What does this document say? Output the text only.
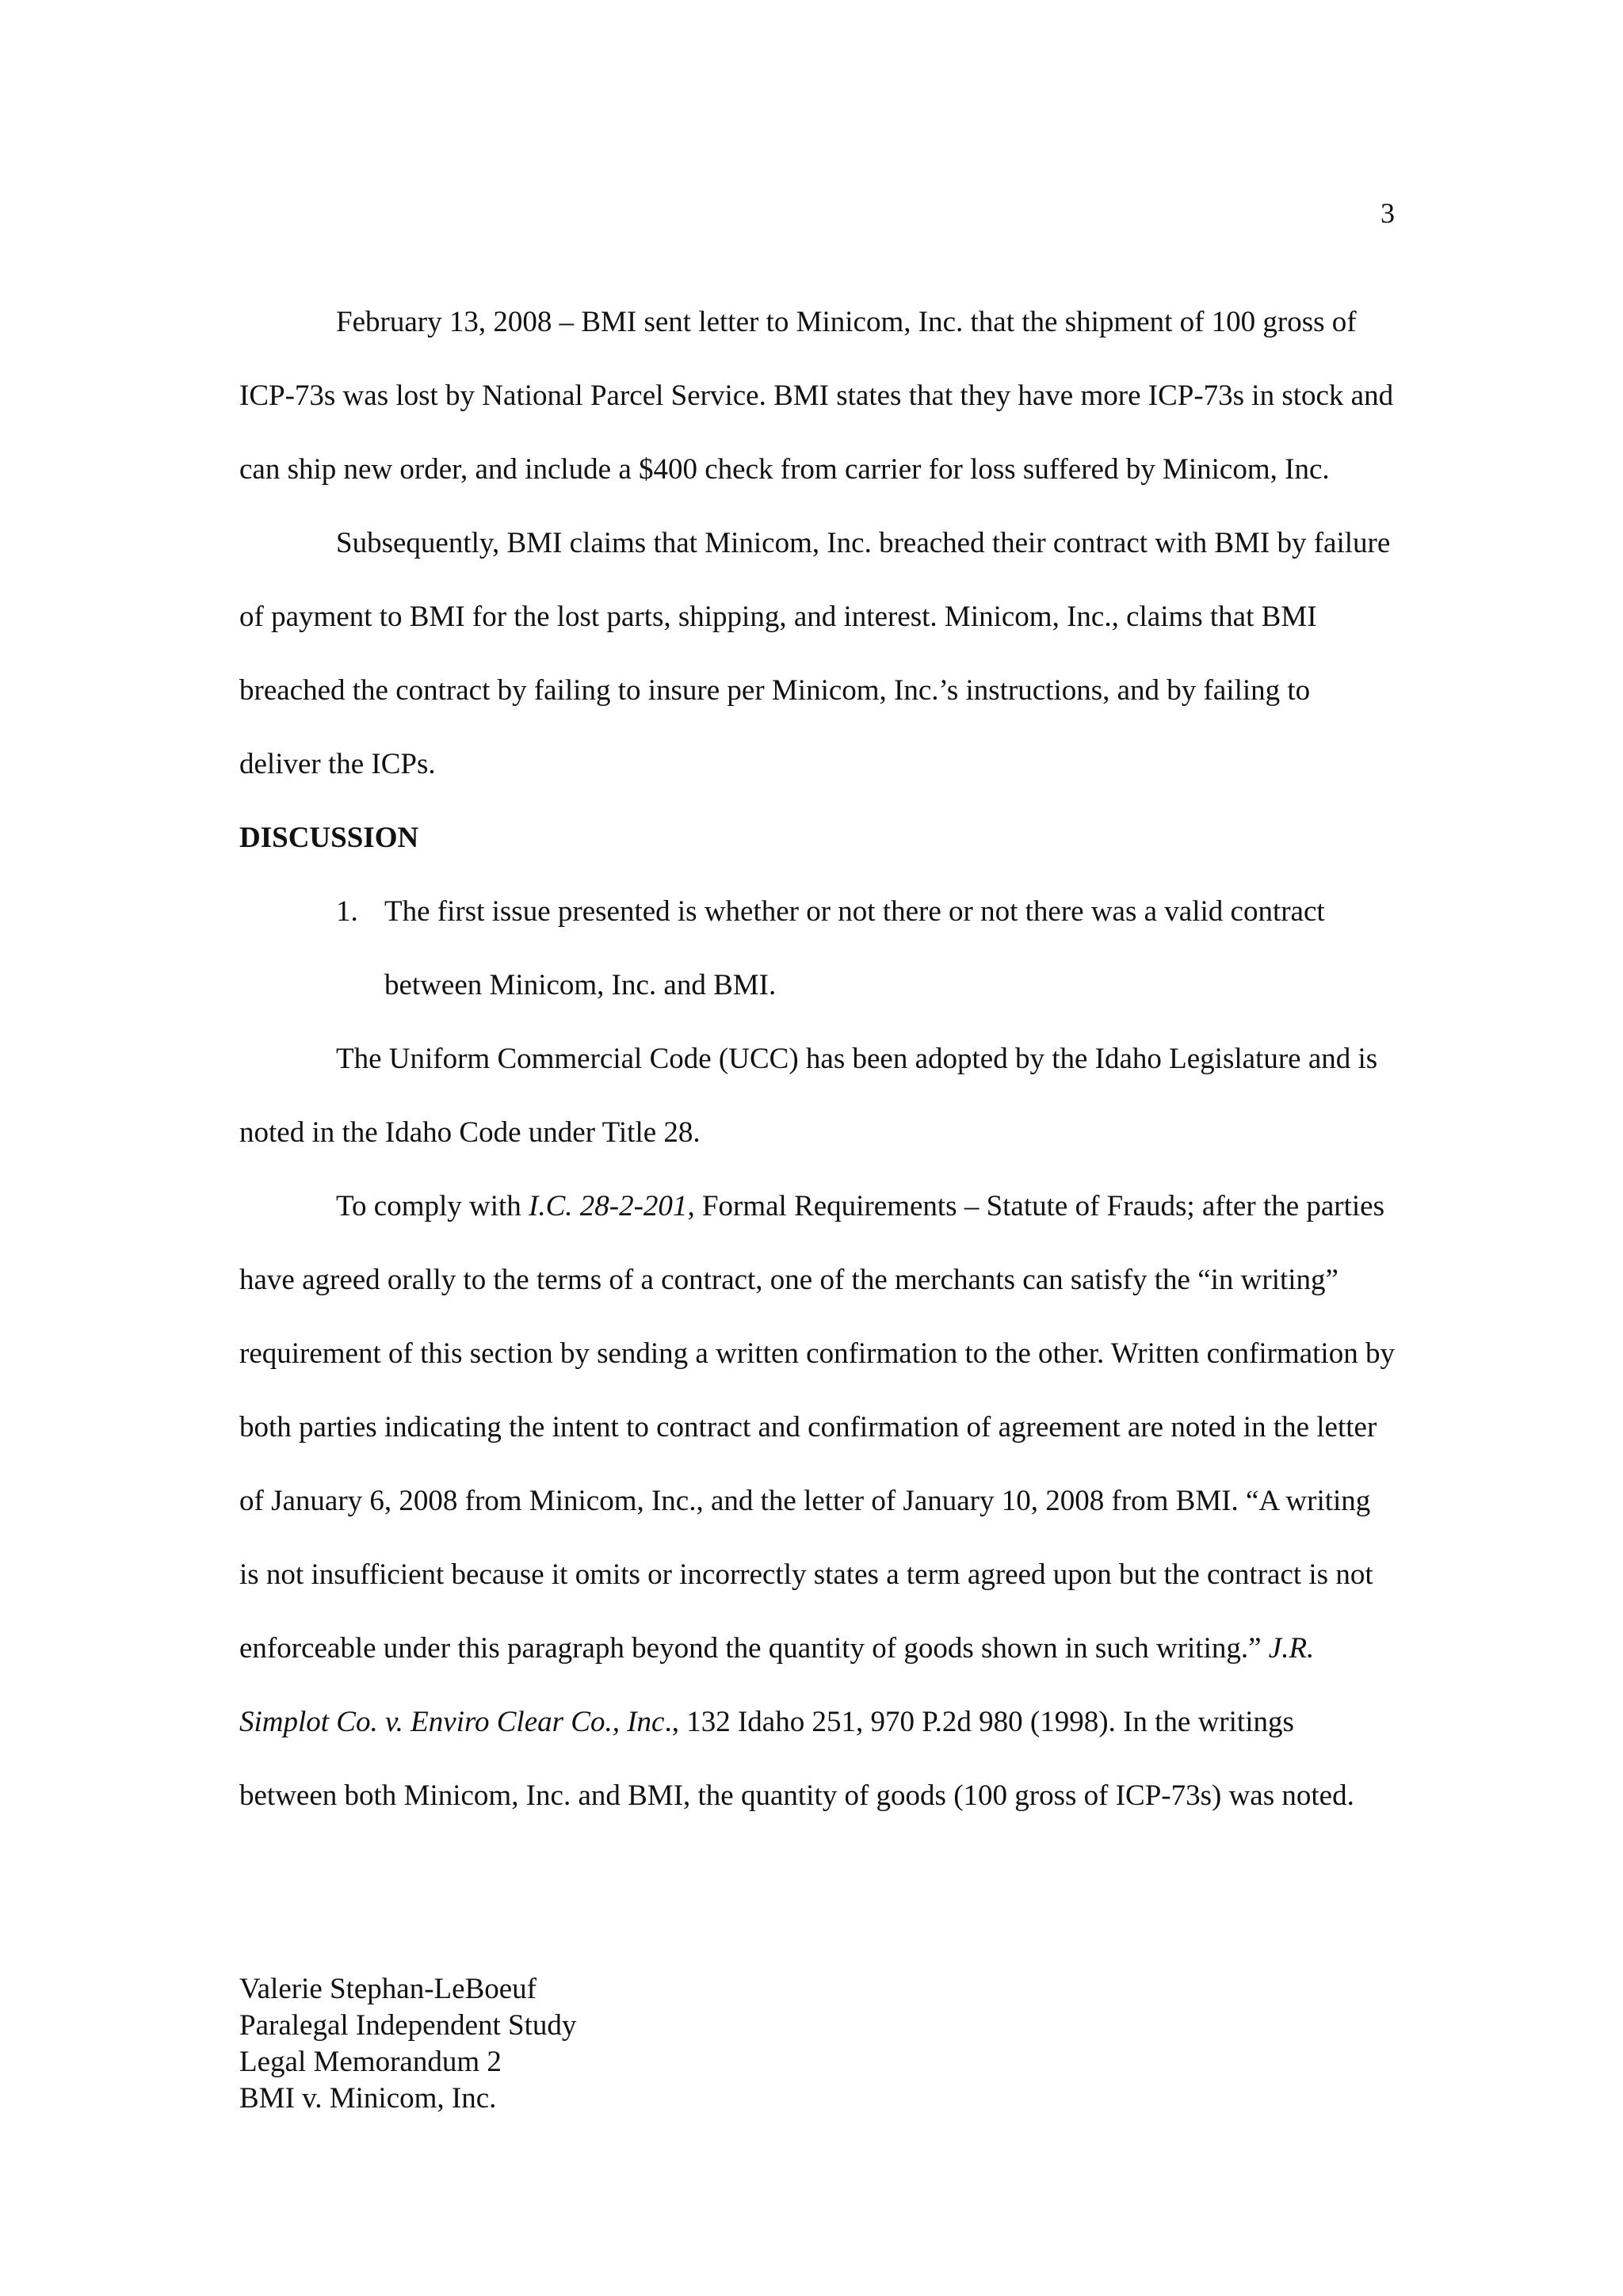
3

February 13, 2008 – BMI sent letter to Minicom, Inc. that the shipment of 100 gross of ICP-73s was lost by National Parcel Service. BMI states that they have more ICP-73s in stock and can ship new order, and include a $400 check from carrier for loss suffered by Minicom, Inc.

Subsequently, BMI claims that Minicom, Inc. breached their contract with BMI by failure of payment to BMI for the lost parts, shipping, and interest. Minicom, Inc., claims that BMI breached the contract by failing to insure per Minicom, Inc.’s instructions, and by failing to deliver the ICPs.

DISCUSSION

1. The first issue presented is whether or not there or not there was a valid contract between Minicom, Inc. and BMI.

The Uniform Commercial Code (UCC) has been adopted by the Idaho Legislature and is noted in the Idaho Code under Title 28.

To comply with I.C. 28-2-201, Formal Requirements – Statute of Frauds; after the parties have agreed orally to the terms of a contract, one of the merchants can satisfy the “in writing” requirement of this section by sending a written confirmation to the other. Written confirmation by both parties indicating the intent to contract and confirmation of agreement are noted in the letter of January 6, 2008 from Minicom, Inc., and the letter of January 10, 2008 from BMI. “A writing is not insufficient because it omits or incorrectly states a term agreed upon but the contract is not enforceable under this paragraph beyond the quantity of goods shown in such writing.” J.R. Simplot Co. v. Enviro Clear Co., Inc., 132 Idaho 251, 970 P.2d 980 (1998). In the writings between both Minicom, Inc. and BMI, the quantity of goods (100 gross of ICP-73s) was noted.

Valerie Stephan-LeBoeuf
Paralegal Independent Study
Legal Memorandum 2
BMI v. Minicom, Inc.
